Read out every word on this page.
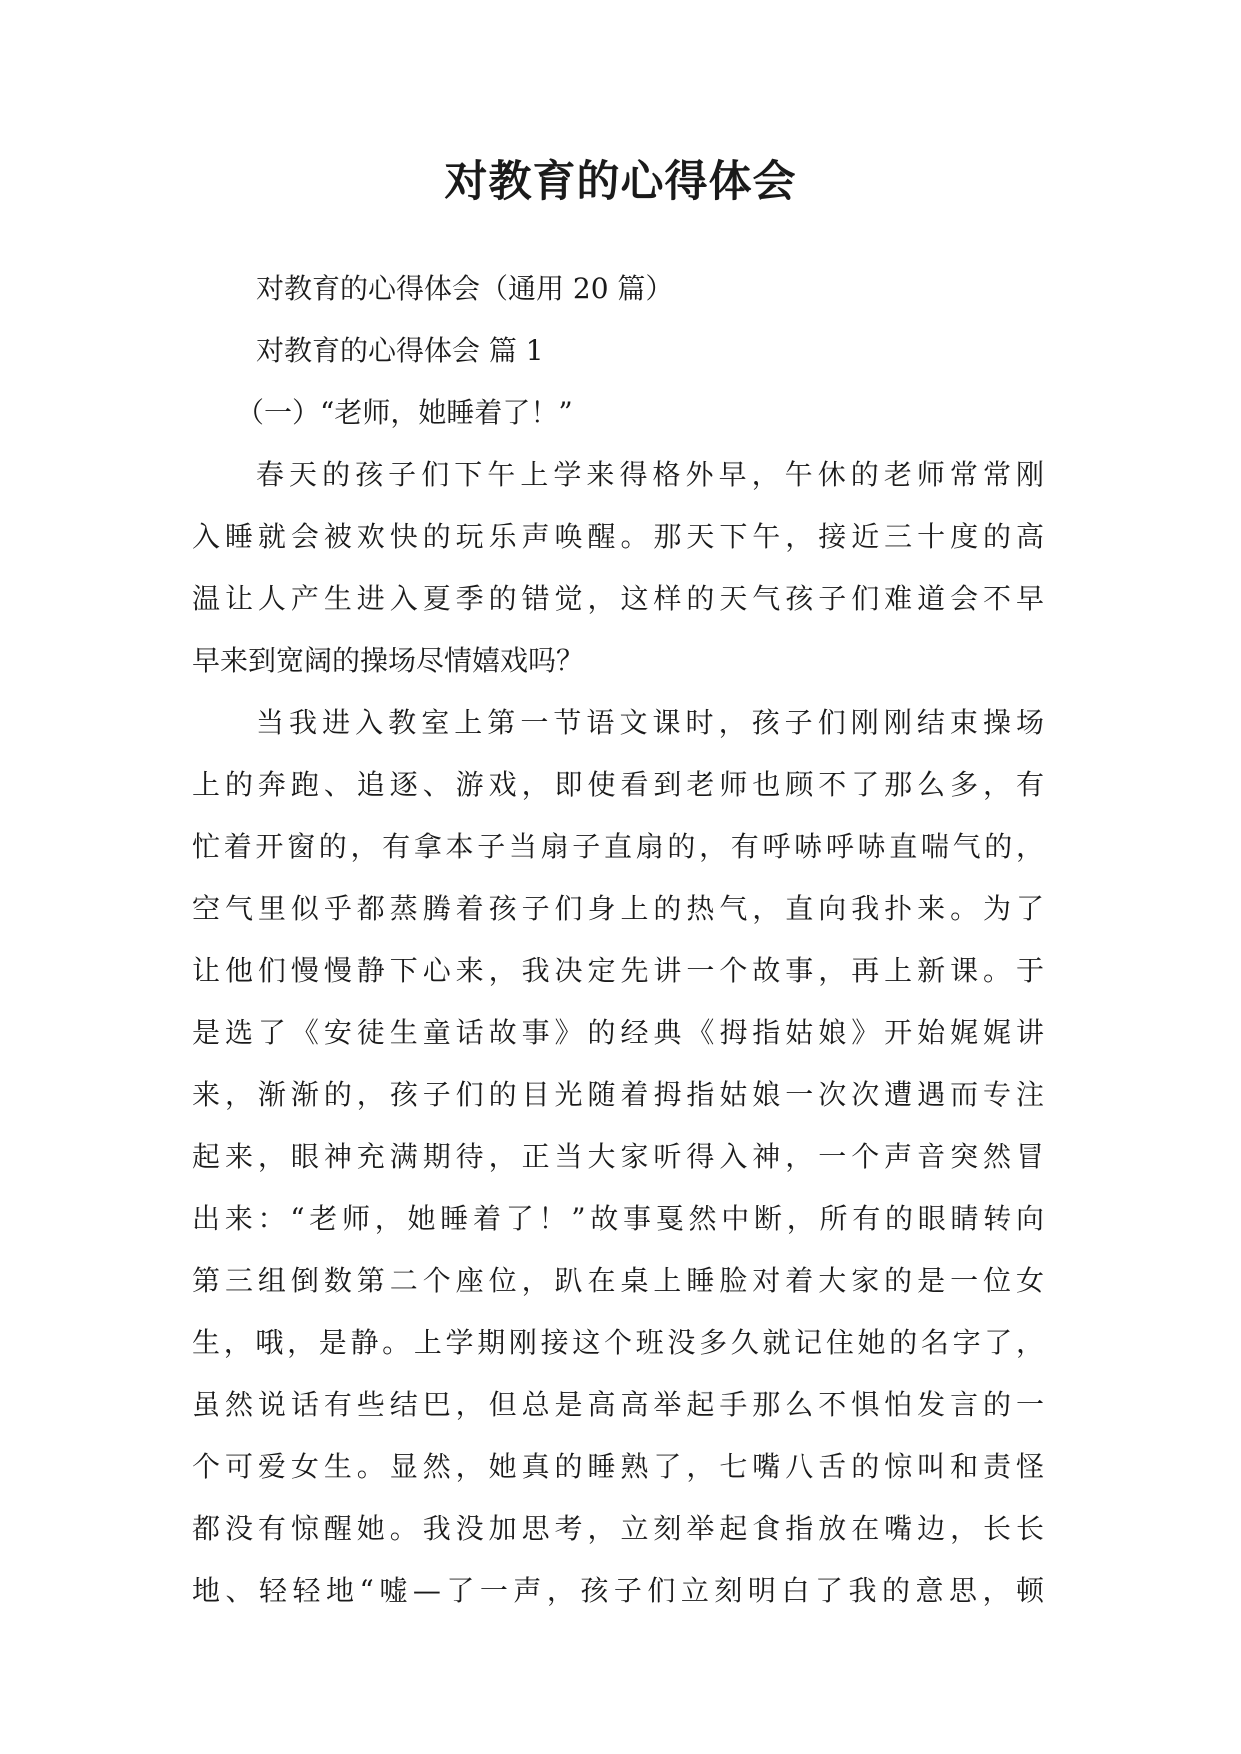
对教育的心得体会
对教育的心得体会（通用 20 篇）
对教育的心得体会 篇 1
（一）“老师，她睡着了！”
春天的孩子们下午上学来得格外早，午休的老师常常刚
入睡就会被欢快的玩乐声唤醒。那天下午，接近三十度的高
温让人产生进入夏季的错觉，这样的天气孩子们难道会不早
早来到宽阔的操场尽情嬉戏吗？
当我进入教室上第一节语文课时，孩子们刚刚结束操场
上的奔跑、追逐、游戏，即使看到老师也顾不了那么多，有
忙着开窗的，有拿本子当扇子直扇的，有呼哧呼哧直喘气的，
空气里似乎都蒸腾着孩子们身上的热气，直向我扑来。为了
让他们慢慢静下心来，我决定先讲一个故事，再上新课。于
是选了《安徒生童话故事》的经典《拇指姑娘》开始娓娓讲
来，渐渐的，孩子们的目光随着拇指姑娘一次次遭遇而专注
起来，眼神充满期待，正当大家听得入神，一个声音突然冒
出来：“老师，她睡着了！”故事戛然中断，所有的眼睛转向
第三组倒数第二个座位，趴在桌上睡脸对着大家的是一位女
生，哦，是静。上学期刚接这个班没多久就记住她的名字了，
虽然说话有些结巴，但总是高高举起手那么不惧怕发言的一
个可爱女生。显然，她真的睡熟了，七嘴八舌的惊叫和责怪
都没有惊醒她。我没加思考，立刻举起食指放在嘴边，长长
地、轻轻地“嘘—了一声，孩子们立刻明白了我的意思，顿
